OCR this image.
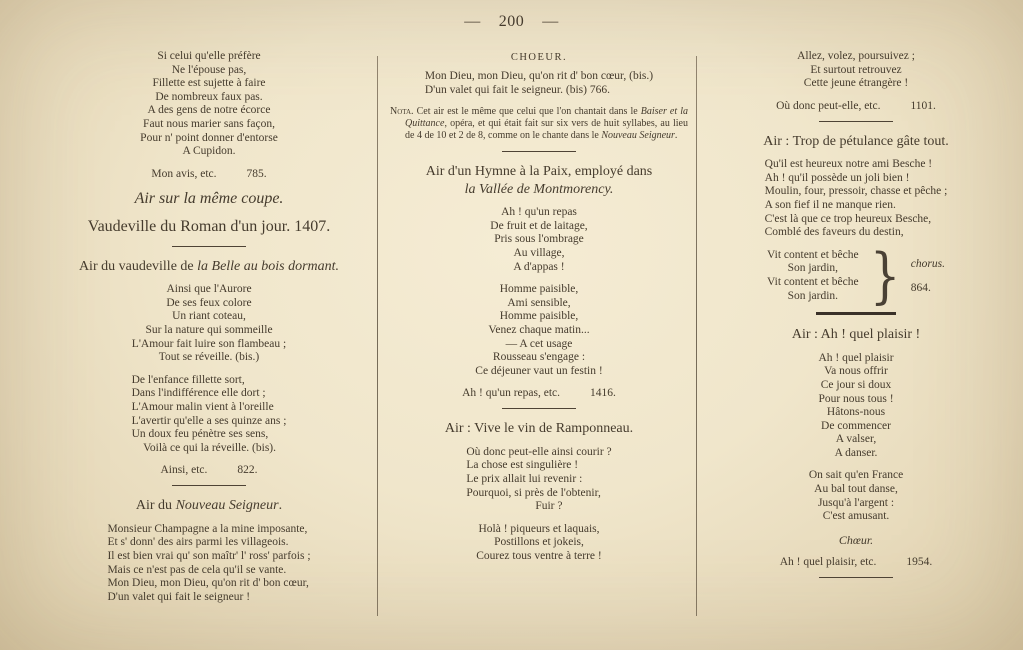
— 200 —
Si celui qu'elle préfère
Ne l'épouse pas,
Fillette est sujette à faire
De nombreux faux pas.
A des gens de notre écorce
Faut nous marier sans façon,
Pour n' point donner d'entorse
A Cupidon.
Mon avis, etc.	785.
Air sur la même coupe.
Vaudeville du Roman d'un jour. 1407.
Air du vaudeville de la Belle au bois dormant.
Ainsi que l'Aurore
De ses feux colore
Un riant coteau,
Sur la nature qui sommeille
L'Amour fait luire son flambeau ;
Tout se réveille. (bis.)
De l'enfance fillette sort,
Dans l'indifférence elle dort ;
L'Amour malin vient à l'oreille
L'avertir qu'elle a ses quinze ans ;
Un doux feu pénètre ses sens,
Voilà ce qui la réveille. (bis).
Ainsi, etc.	822.
Air du Nouveau Seigneur.
Monsieur Champagne a la mine imposante,
Et s' donn' des airs parmi les villageois.
Il est bien vrai qu' son maîtr' l' ross' parfois ;
Mais ce n'est pas de cela qu'il se vante.
Mon Dieu, mon Dieu, qu'on rit d' bon cœur,
D'un valet qui fait le seigneur !
CHOEUR.
Mon Dieu, mon Dieu, qu'on rit d' bon cœur, (bis.)
D'un valet qui fait le seigneur. (bis) 766.
Nota. Cet air est le même que celui que l'on chantait dans le Baiser et la Quittance, opéra, et qui était fait sur six vers de huit syllabes, au lieu de 4 de 10 et 2 de 8, comme on le chante dans le Nouveau Seigneur.
Air d'un Hymne à la Paix, employé dans
la Vallée de Montmorency.
Ah ! qu'un repas
De fruit et de laitage,
Pris sous l'ombrage
Au village,
A d'appas !
Homme paisible,
Ami sensible,
Homme paisible,
Venez chaque matin...
— A cet usage
Rousseau s'engage :
Ce déjeuner vaut un festin !
Ah ! qu'un repas, etc.	1416.
Air : Vive le vin de Ramponneau.
Où donc peut-elle ainsi courir ?
La chose est singulière !
Le prix allait lui revenir :
Pourquoi, si près de l'obtenir,
Fuir ?
Holà ! piqueurs et laquais,
Postillons et jokeis,
Courez tous ventre à terre !
Allez, volez, poursuivez ;
Et surtout retrouvez
Cette jeune étrangère !
Où donc peut-elle, etc.	1101.
Air : Trop de pétulance gâte tout.
Qu'il est heureux notre ami Besche !
Ah ! qu'il possède un joli bien !
Moulin, four, pressoir, chasse et pêche ;
A son fief il ne manque rien.
C'est là que ce trop heureux Besche,
Comblé des faveurs du destin,
Vit content et bêche
Son jardin,
Vit content et bêche
Son jardin. } chorus.
864.
Air : Ah ! quel plaisir !
Ah ! quel plaisir
Va nous offrir
Ce jour si doux
Pour nous tous !
Hâtons-nous
De commencer
A valser,
A danser.
On sait qu'en France
Au bal tout danse,
Jusqu'à l'argent :
C'est amusant.
Chœur.
Ah ! quel plaisir, etc.	1954.
